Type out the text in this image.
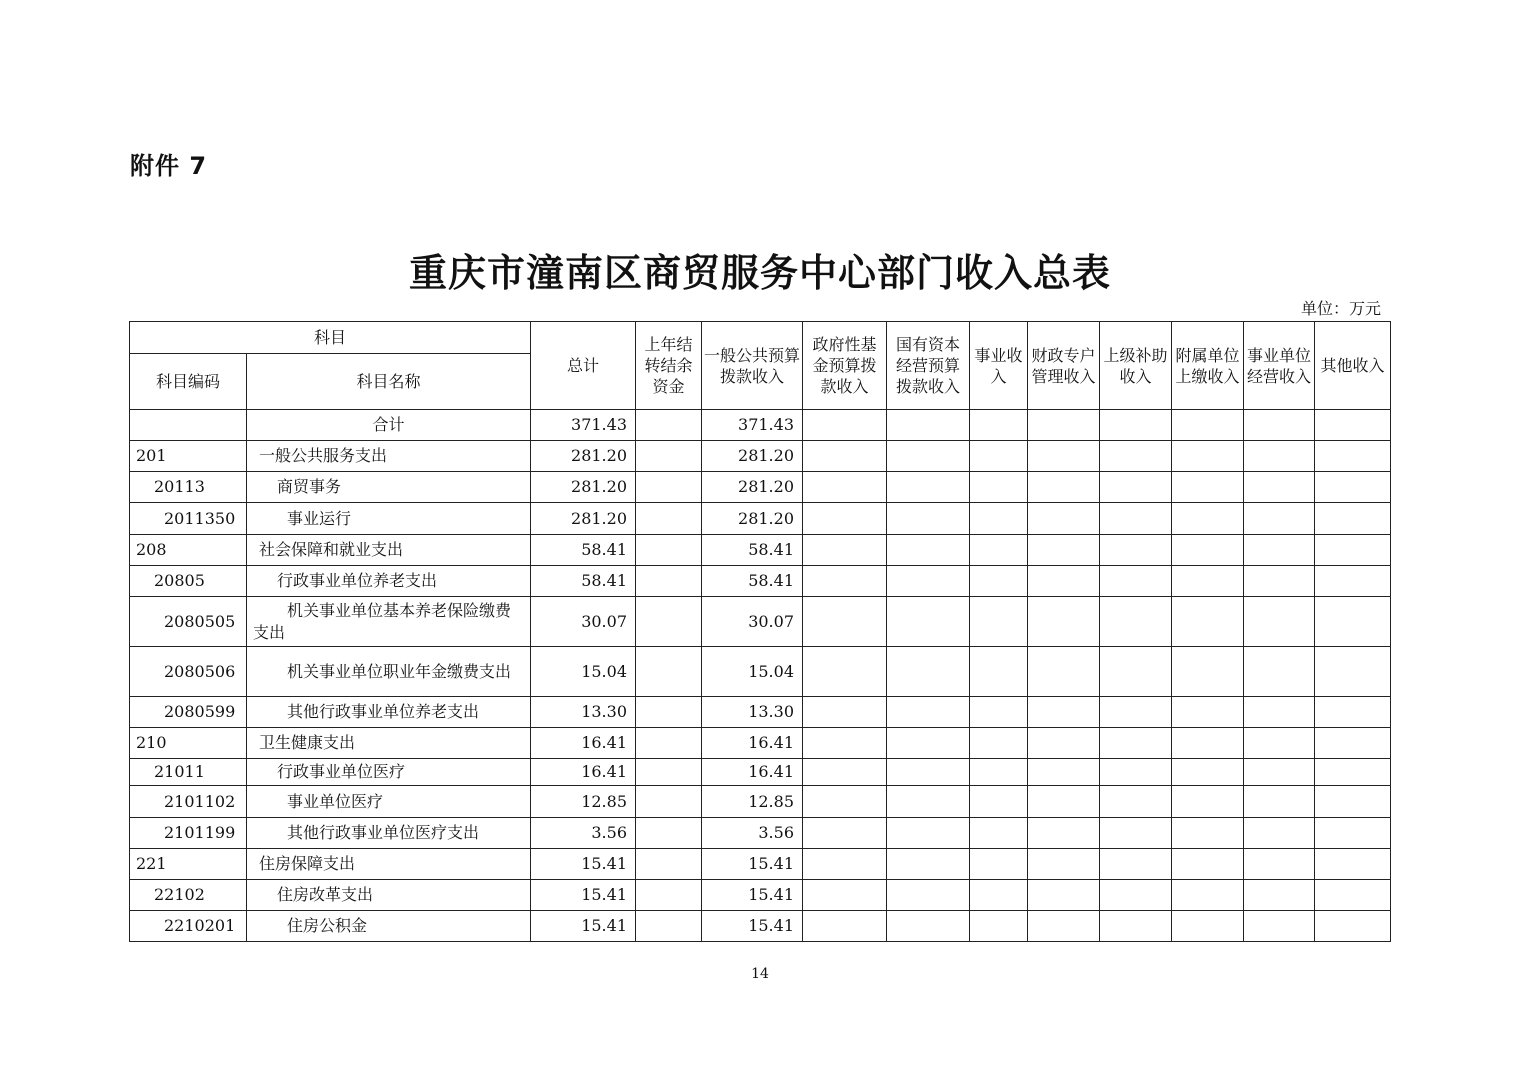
附件 7
重庆市潼南区商贸服务中心部门收入总表
单位：万元
科目		总计	上年结转结余资金	一般公共预算拨款收入	政府性基金预算拨款收入	国有资本经营预算拨款收入	事业收入	财政专户管理收入	上级补助收入	附属单位上缴收入	事业单位经营收入	其他收入
科目编码	科目名称											
	合计	371.43		371.43								
201	一般公共服务支出	281.20		281.20								
20113	商贸事务	281.20		281.20								
2011350	事业运行	281.20		281.20								
208	社会保障和就业支出	58.41		58.41								
20805	行政事业单位养老支出	58.41		58.41								
2080505	机关事业单位基本养老保险缴费支出	30.07		30.07								
2080506	机关事业单位职业年金缴费支出	15.04		15.04								
2080599	其他行政事业单位养老支出	13.30		13.30								
210	卫生健康支出	16.41		16.41								
21011	行政事业单位医疗	16.41		16.41								
2101102	事业单位医疗	12.85		12.85								
2101199	其他行政事业单位医疗支出	3.56		3.56								
221	住房保障支出	15.41		15.41								
22102	住房改革支出	15.41		15.41								
2210201	住房公积金	15.41		15.41								
14
